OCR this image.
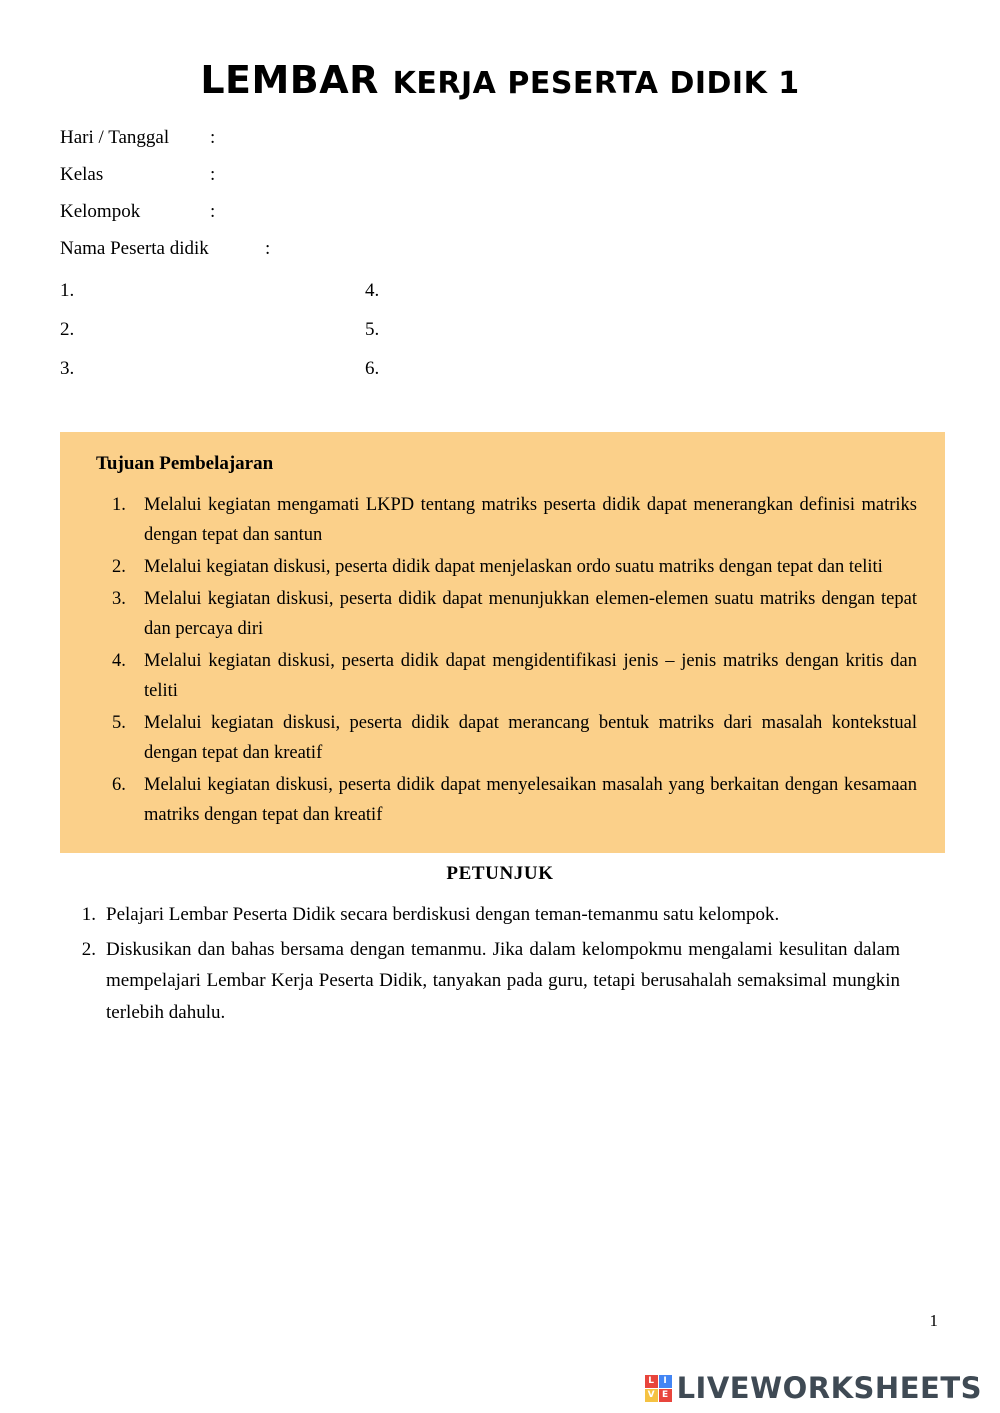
LEMBAR KERJA PESERTA DIDIK 1
Hari / Tanggal	:
Kelas	:
Kelompok	:
Nama Peserta didik	:
1.	4.
2.	5.
3.	6.
Tujuan Pembelajaran
1. Melalui kegiatan mengamati LKPD tentang matriks peserta didik dapat menerangkan definisi matriks dengan tepat dan santun
2. Melalui kegiatan diskusi, peserta didik dapat menjelaskan ordo suatu matriks dengan tepat dan teliti
3. Melalui kegiatan diskusi, peserta didik dapat menunjukkan elemen-elemen suatu matriks dengan tepat dan percaya diri
4. Melalui kegiatan diskusi, peserta didik dapat mengidentifikasi jenis – jenis matriks dengan kritis dan teliti
5. Melalui kegiatan diskusi, peserta didik dapat merancang bentuk matriks dari masalah kontekstual dengan tepat dan kreatif
6. Melalui kegiatan diskusi, peserta didik dapat menyelesaikan masalah yang berkaitan dengan kesamaan matriks dengan tepat dan kreatif
PETUNJUK
1. Pelajari Lembar Peserta Didik secara berdiskusi dengan teman-temanmu satu kelompok.
2. Diskusikan dan bahas bersama dengan temanmu. Jika dalam kelompokmu mengalami kesulitan dalam mempelajari Lembar Kerja Peserta Didik, tanyakan pada guru, tetapi berusahalah semaksimal mungkin terlebih dahulu.
1
L	I
V E LIVEWORKSHEETS
